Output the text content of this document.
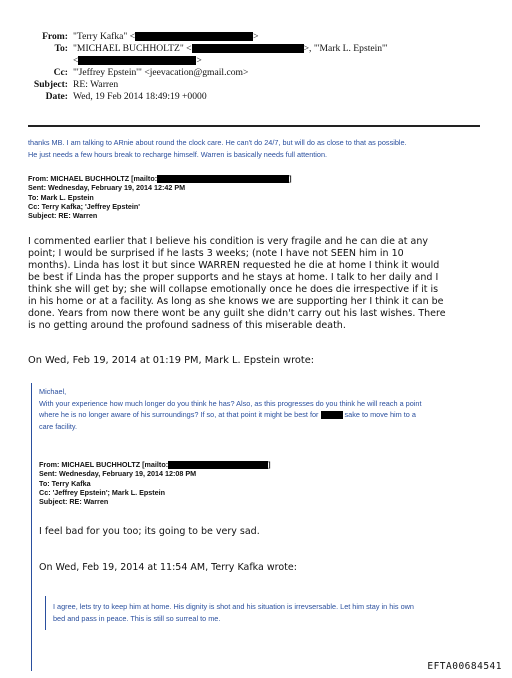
From: "Terry Kafka" <	>
To: "MICHAEL BUCHHOLTZ" <	>, "'Mark L. Epstein'"
<	>
Cc: "'Jeffrey Epstein'" <jeevacation@gmail.com>
Subject: RE: Warren
Date: Wed, 19 Feb 2014 18:49:19 +0000
thanks MB. I am talking to ARnie about round the clock care. He can't do 24/7, but will do as close to that as possible.
He just needs a few hours break to recharge himself. Warren is basically needs full attention.
From: MICHAEL BUCHHOLTZ [mailto:	]
Sent: Wednesday, February 19, 2014 12:42 PM
To: Mark L. Epstein
Cc: Terry Kafka; 'Jeffrey Epstein'
Subject: RE: Warren
I commented earlier that I believe his condition is very fragile and he can die at any
point; I would be surprised if he lasts 3 weeks; (note I have not SEEN him in 10
months). Linda has lost it but since WARREN requested he die at home I think it would
be best if Linda has the proper supports and he stays at home. I talk to her daily and I
think she will get by; she will collapse emotionally once he does die irrespective if it is
in his home or at a facility. As long as she knows we are supporting her I think it can be
done. Years from now there wont be any guilt she didn't carry out his last wishes. There
is no getting around the profound sadness of this miserable death.
On Wed, Feb 19, 2014 at 01:19 PM, Mark L. Epstein wrote:
Michael,
With your experience how much longer do you think he has? Also, as this progresses do you think he will reach a point
where he is no longer aware of his surroundings? If so, at that point it might be best for	sake to move him to a
care facility.
From: MICHAEL BUCHHOLTZ [mailto:	]
Sent: Wednesday, February 19, 2014 12:08 PM
To: Terry Kafka
Cc: 'Jeffrey Epstein'; Mark L. Epstein
Subject: RE: Warren
I feel bad for you too; its going to be very sad.
On Wed, Feb 19, 2014 at 11:54 AM, Terry Kafka wrote:
I agree, lets try to keep him at home. His dignity is shot and his situation is irrevsersable. Let him stay in his own
bed and pass in peace. This is still so surreal to me.
EFTA00684541
